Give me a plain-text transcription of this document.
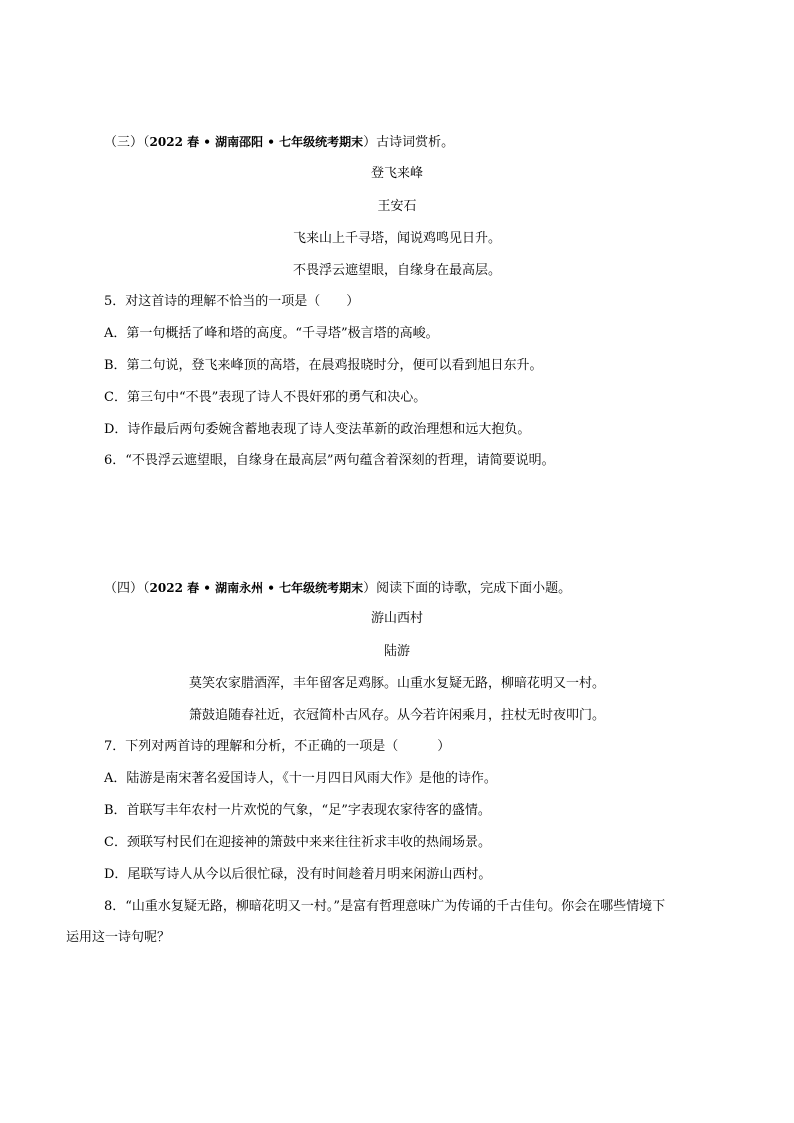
（三）（2022 春 • 湖南邵阳 • 七年级统考期末）古诗词赏析。
登飞来峰
王安石
飞来山上千寻塔，闻说鸡鸣见日升。
不畏浮云遮望眼，自缘身在最高层。
5．对这首诗的理解不恰当的一项是（　　）
A．第一句概括了峰和塔的高度。“千寻塔”极言塔的高峻。
B．第二句说，登飞来峰顶的高塔，在晨鸡报晓时分，便可以看到旭日东升。
C．第三句中“不畏”表现了诗人不畏奸邪的勇气和决心。
D．诗作最后两句委婉含蓄地表现了诗人变法革新的政治理想和远大抱负。
6．“不畏浮云遮望眼，自缘身在最高层”两句蕴含着深刻的哲理，请简要说明。
（四）（2022 春 • 湖南永州 • 七年级统考期末）阅读下面的诗歌，完成下面小题。
游山西村
陆游
莫笑农家腊酒浑，丰年留客足鸡豚。山重水复疑无路，柳暗花明又一村。
箫鼓追随春社近，衣冠简朴古风存。从今若许闲乘月，拄杖无时夜叩门。
7．下列对两首诗的理解和分析，不正确的一项是（　　　）
A．陆游是南宋著名爱国诗人，《十一月四日风雨大作》是他的诗作。
B．首联写丰年农村一片欢悦的气象，“足”字表现农家待客的盛情。
C．颈联写村民们在迎接神的箫鼓中来来往往祈求丰收的热闹场景。
D．尾联写诗人从今以后很忙碌，没有时间趁着月明来闲游山西村。
8．“山重水复疑无路，柳暗花明又一村。”是富有哲理意味广为传诵的千古佳句。你会在哪些情境下
运用这一诗句呢？
